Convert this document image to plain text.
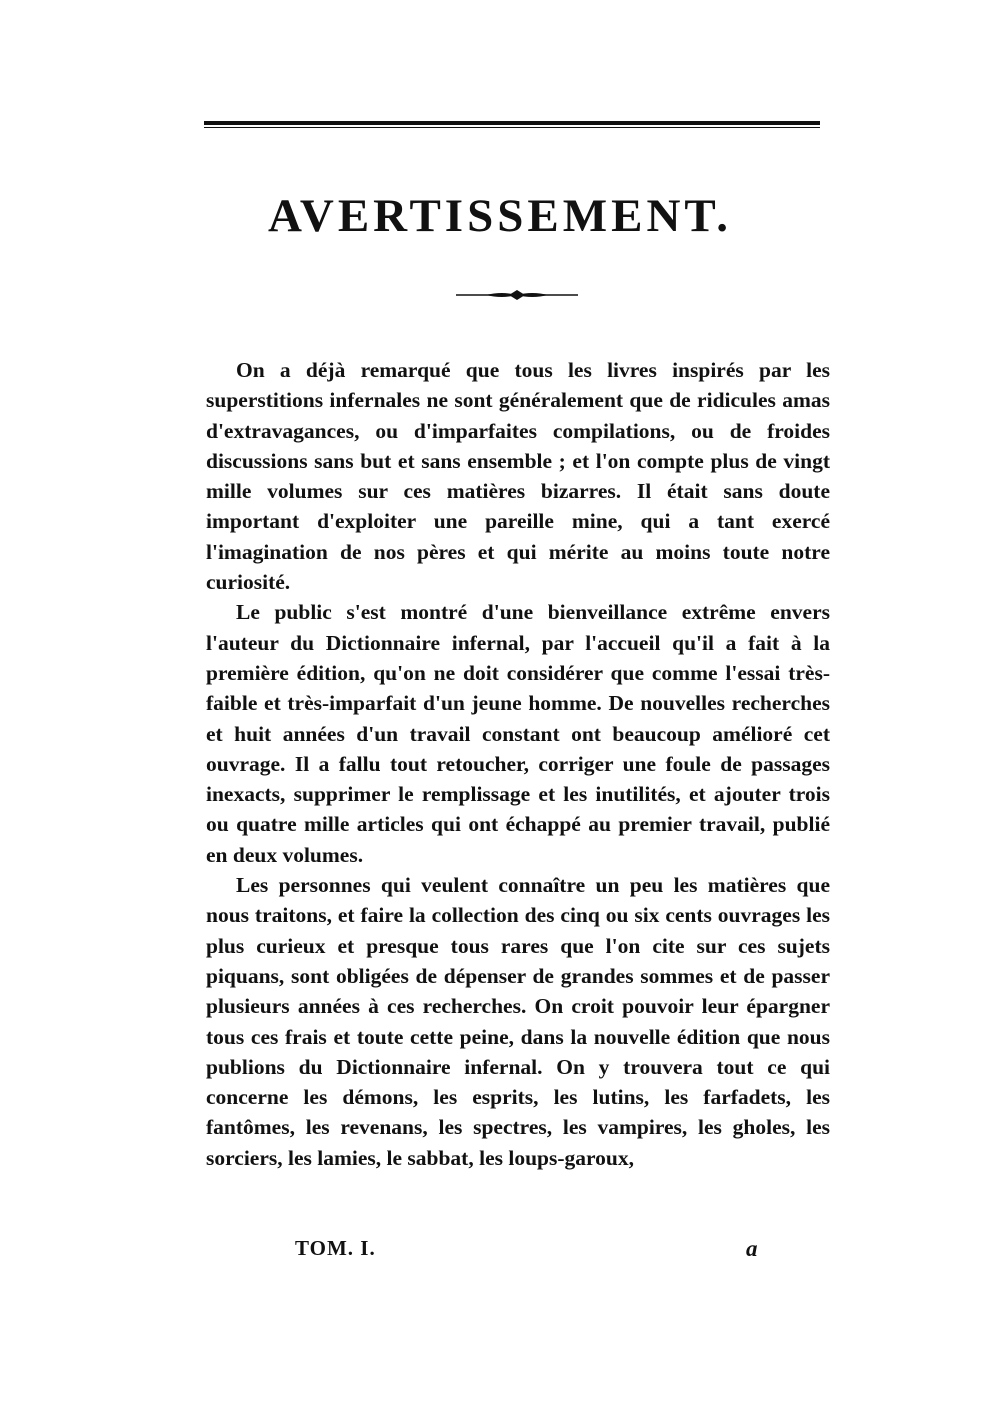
AVERTISSEMENT.

On a déjà remarqué que tous les livres inspirés par les superstitions infernales ne sont généralement que de ridicules amas d'extravagances, ou d'imparfaites compilations, ou de froides discussions sans but et sans ensemble ; et l'on compte plus de vingt mille volumes sur ces matières bizarres. Il était sans doute important d'exploiter une pareille mine, qui a tant exercé l'imagination de nos pères et qui mérite au moins toute notre curiosité.

Le public s'est montré d'une bienveillance extrême envers l'auteur du Dictionnaire infernal, par l'accueil qu'il a fait à la première édition, qu'on ne doit considérer que comme l'essai très-faible et très-imparfait d'un jeune homme. De nouvelles recherches et huit années d'un travail constant ont beaucoup amélioré cet ouvrage. Il a fallu tout retoucher, corriger une foule de passages inexacts, supprimer le remplissage et les inutilités, et ajouter trois ou quatre mille articles qui ont échappé au premier travail, publié en deux volumes.

Les personnes qui veulent connaître un peu les matières que nous traitons, et faire la collection des cinq ou six cents ouvrages les plus curieux et presque tous rares que l'on cite sur ces sujets piquans, sont obligées de dépenser de grandes sommes et de passer plusieurs années à ces recherches. On croit pouvoir leur épargner tous ces frais et toute cette peine, dans la nouvelle édition que nous publions du Dictionnaire infernal. On y trouvera tout ce qui concerne les démons, les esprits, les lutins, les farfadets, les fantômes, les revenans, les spectres, les vampires, les gholes, les sorciers, les lamies, le sabbat, les loups-garoux,

TOM. I.	a
